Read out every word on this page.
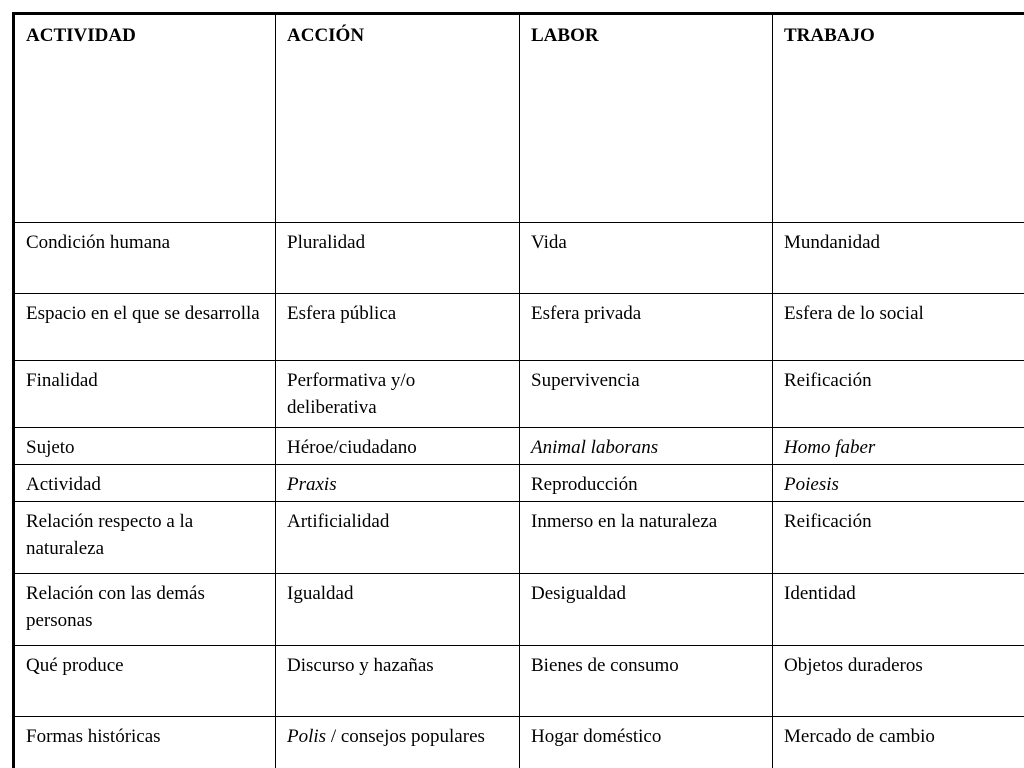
ACTIVIDAD	ACCIÓN	LABOR	TRABAJO
Condición humana	Pluralidad	Vida	Mundanidad
Espacio en el que se desarrolla	Esfera pública	Esfera privada	Esfera de lo social
Finalidad	Performativa y/o deliberativa	Supervivencia	Reificación
Sujeto	Héroe/ciudadano	Animal laborans	Homo faber
Actividad	Praxis	Reproducción	Poiesis
Relación respecto a la naturaleza	Artificialidad	Inmerso en la naturaleza	Reificación
Relación con las demás personas	Igualdad	Desigualdad	Identidad
Qué produce	Discurso y hazañas	Bienes de consumo	Objetos duraderos
Formas históricas	Polis / consejos populares	Hogar doméstico	Mercado de cambio
